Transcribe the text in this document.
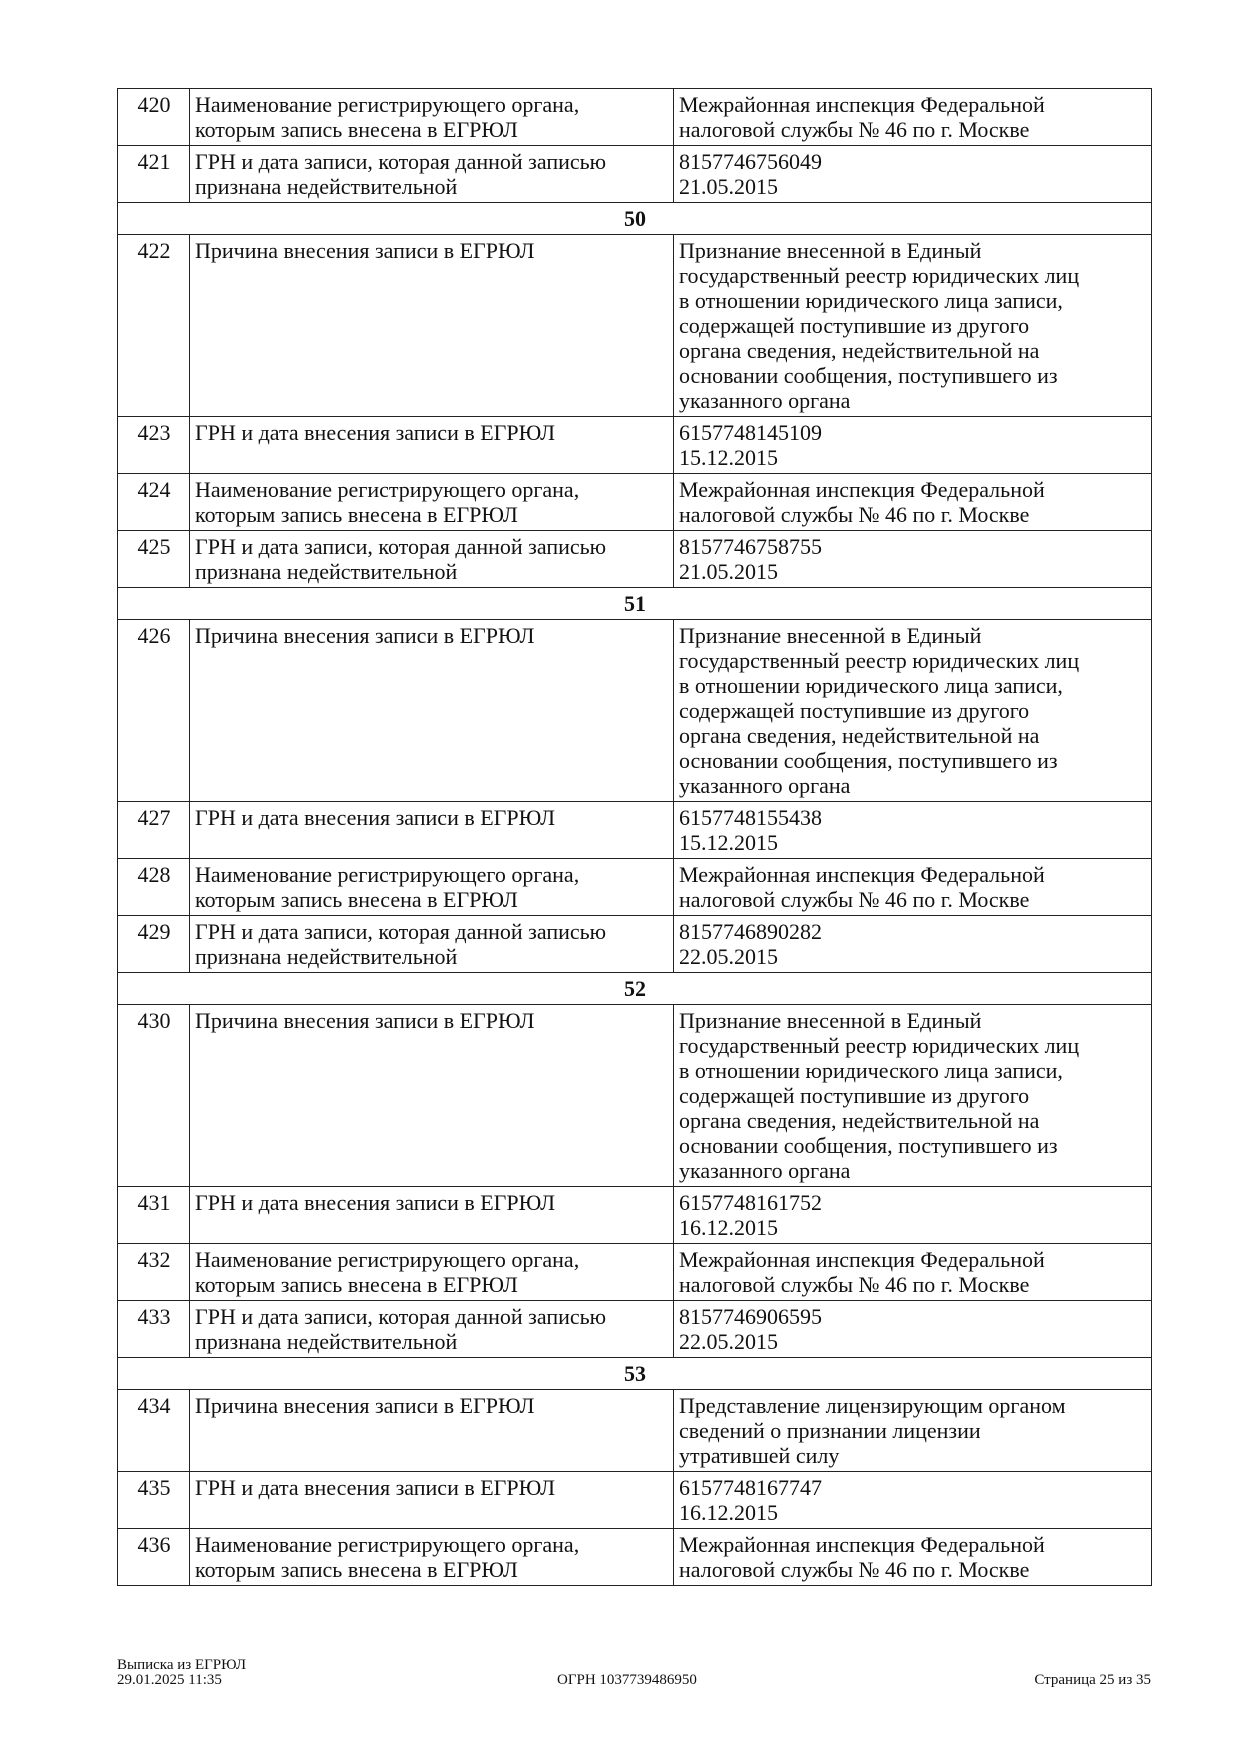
420	Наименование регистрирующего органа,
которым запись внесена в ЕГРЮЛ	Межрайонная инспекция Федеральной
налоговой службы № 46 по г. Москве

421	ГРН и дата записи, которая данной записью
признана недействительной	8157746756049
21.05.2015

50		
422	Причина внесения записи в ЕГРЮЛ	Признание внесенной в Единый
государственный реестр юридических лиц
в отношении юридического лица записи,
содержащей поступившие из другого
органа сведения, недействительной на
основании сообщения, поступившего из
указанного органа

423	ГРН и дата внесения записи в ЕГРЮЛ	6157748145109
15.12.2015

424	Наименование регистрирующего органа,
которым запись внесена в ЕГРЮЛ	Межрайонная инспекция Федеральной
налоговой службы № 46 по г. Москве

425	ГРН и дата записи, которая данной записью
признана недействительной	8157746758755
21.05.2015

51		
426	Причина внесения записи в ЕГРЮЛ	Признание внесенной в Единый
государственный реестр юридических лиц
в отношении юридического лица записи,
содержащей поступившие из другого
органа сведения, недействительной на
основании сообщения, поступившего из
указанного органа

427	ГРН и дата внесения записи в ЕГРЮЛ	6157748155438
15.12.2015

428	Наименование регистрирующего органа,
которым запись внесена в ЕГРЮЛ	Межрайонная инспекция Федеральной
налоговой службы № 46 по г. Москве

429	ГРН и дата записи, которая данной записью
признана недействительной	8157746890282
22.05.2015

52		
430	Причина внесения записи в ЕГРЮЛ	Признание внесенной в Единый
государственный реестр юридических лиц
в отношении юридического лица записи,
содержащей поступившие из другого
органа сведения, недействительной на
основании сообщения, поступившего из
указанного органа

431	ГРН и дата внесения записи в ЕГРЮЛ	6157748161752
16.12.2015

432	Наименование регистрирующего органа,
которым запись внесена в ЕГРЮЛ	Межрайонная инспекция Федеральной
налоговой службы № 46 по г. Москве

433	ГРН и дата записи, которая данной записью
признана недействительной	8157746906595
22.05.2015

53		
434	Причина внесения записи в ЕГРЮЛ	Представление лицензирующим органом
сведений о признании лицензии
утратившей силу

435	ГРН и дата внесения записи в ЕГРЮЛ	6157748167747
16.12.2015

436	Наименование регистрирующего органа,
которым запись внесена в ЕГРЮЛ	Межрайонная инспекция Федеральной
налоговой службы № 46 по г. Москве
Выписка из ЕГРЮЛ
29.01.2025 11:35	ОГРН 1037739486950	Страница 25 из 35
